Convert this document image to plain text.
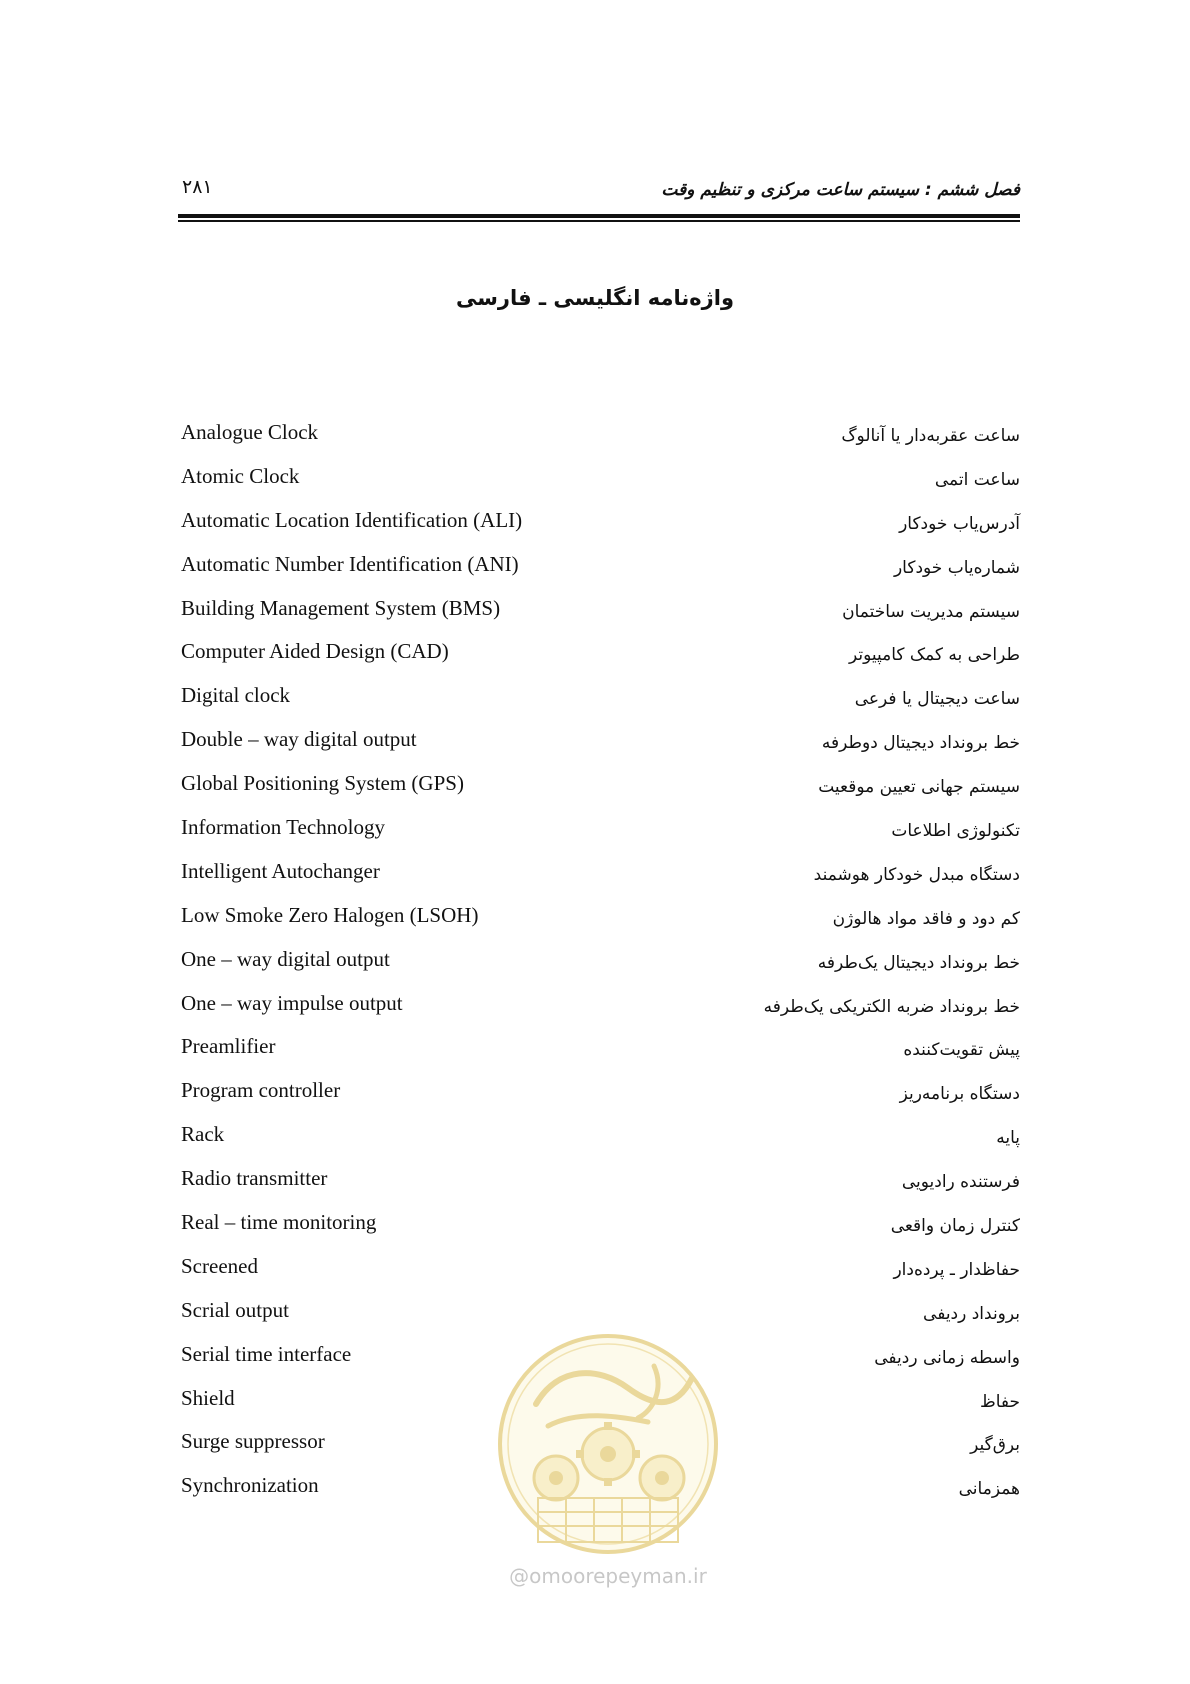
۲۸۱	فصل ششم : سیستم ساعت مرکزی و تنظیم وقت
واژه‌نامه انگلیسی ـ فارسی
Analogue Clock	ساعت عقربه‌دار یا آنالوگ
Atomic Clock	ساعت اتمی
Automatic Location Identification (ALI)	آدرس‌یاب خودکار
Automatic Number Identification (ANI)	شماره‌یاب خودکار
Building Management System (BMS)	سیستم مدیریت ساختمان
Computer Aided Design (CAD)	طراحی به کمک کامپیوتر
Digital clock	ساعت دیجیتال یا فرعی
Double – way digital output	خط برونداد دیجیتال دوطرفه
Global Positioning System (GPS)	سیستم جهانی تعیین موقعیت
Information Technology	تکنولوژی اطلاعات
Intelligent Autochanger	دستگاه مبدل خودکار هوشمند
Low Smoke Zero Halogen (LSOH)	کم دود و فاقد مواد هالوژن
One – way digital output	خط برونداد دیجیتال یک‌طرفه
One – way impulse output	خط برونداد ضربه الکتریکی یک‌طرفه
Preamlifier	پیش تقویت‌کننده
Program controller	دستگاه برنامه‌ریز
Rack	پایه
Radio transmitter	فرستنده رادیویی
Real – time monitoring	کنترل زمان واقعی
Screened	حفاظدار ـ پرده‌دار
Scrial output	برونداد ردیفی
Serial time interface	واسطه زمانی ردیفی
Shield	حفاظ
Surge suppressor	برق‌گیر
Synchronization	همزمانی
@omoorepeyman.ir
